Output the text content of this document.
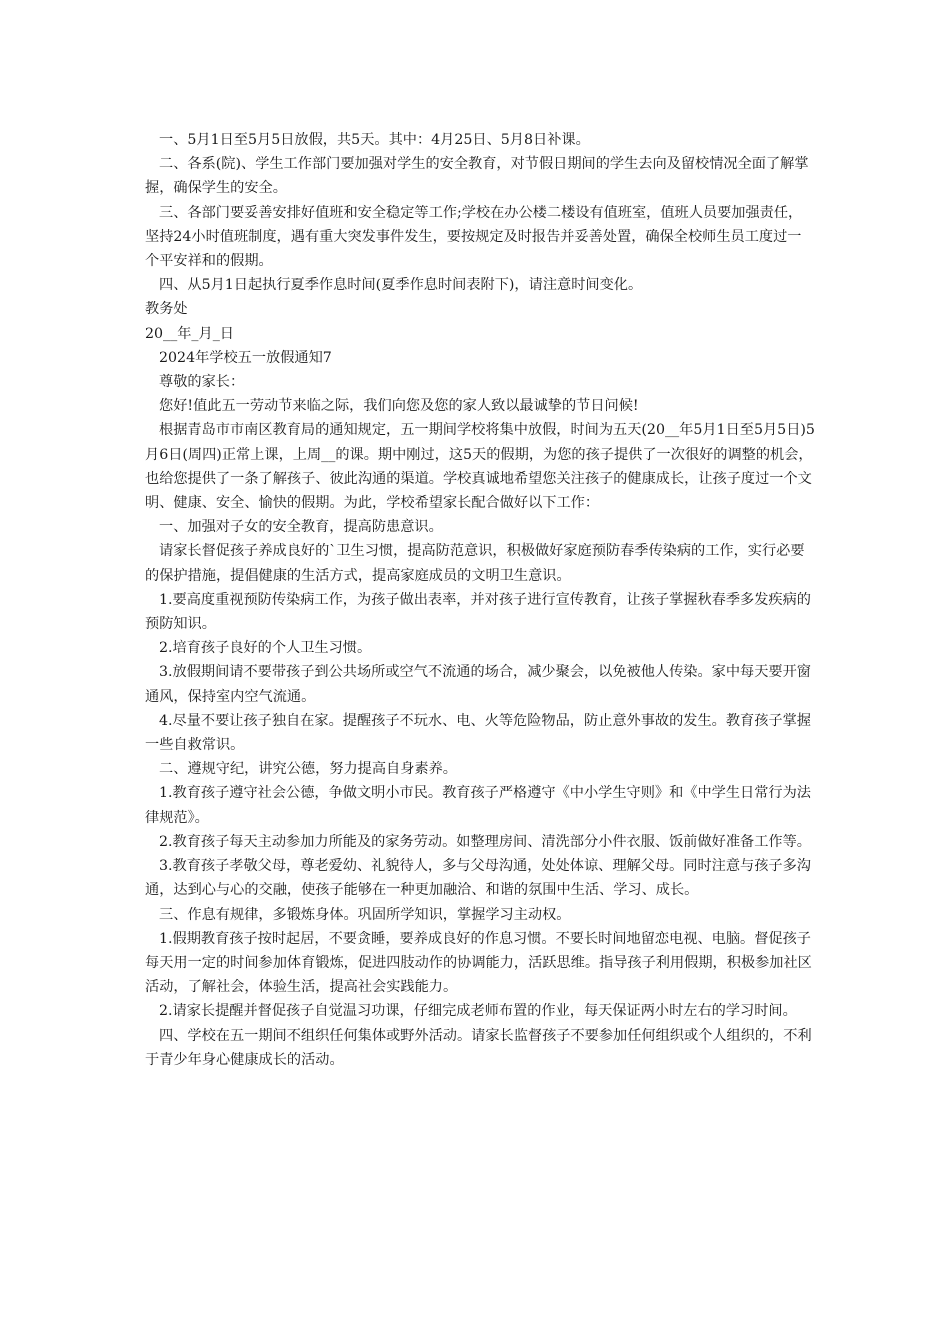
一、5月1日至5月5日放假，共5天。其中：4月25日、5月8日补课。

二、各系(院)、学生工作部门要加强对学生的安全教育，对节假日期间的学生去向及留校情况全面了解掌握，确保学生的安全。

三、各部门要妥善安排好值班和安全稳定等工作;学校在办公楼二楼设有值班室，值班人员要加强责任，坚持24小时值班制度，遇有重大突发事件发生，要按规定及时报告并妥善处置，确保全校师生员工度过一个平安祥和的假期。

四、从5月1日起执行夏季作息时间(夏季作息时间表附下)，请注意时间变化。

教务处

20__年_月_日

2024年学校五一放假通知7

尊敬的家长：

您好!值此五一劳动节来临之际，我们向您及您的家人致以最诚挚的节日问候!

根据青岛市市南区教育局的通知规定，五一期间学校将集中放假，时间为五天(20__年5月1日至5月5日)5月6日(周四)正常上课，上周__的课。期中刚过，这5天的假期，为您的孩子提供了一次很好的调整的机会，也给您提供了一条了解孩子、彼此沟通的渠道。学校真诚地希望您关注孩子的健康成长，让孩子度过一个文明、健康、安全、愉快的假期。为此，学校希望家长配合做好以下工作：

一、加强对子女的安全教育，提高防患意识。

请家长督促孩子养成良好的`卫生习惯，提高防范意识，积极做好家庭预防春季传染病的工作，实行必要的保护措施，提倡健康的生活方式，提高家庭成员的文明卫生意识。

1.要高度重视预防传染病工作，为孩子做出表率，并对孩子进行宣传教育，让孩子掌握秋春季多发疾病的预防知识。

2.培育孩子良好的个人卫生习惯。

3.放假期间请不要带孩子到公共场所或空气不流通的场合，减少聚会，以免被他人传染。家中每天要开窗通风，保持室内空气流通。

4.尽量不要让孩子独自在家。提醒孩子不玩水、电、火等危险物品，防止意外事故的发生。教育孩子掌握一些自救常识。

二、遵规守纪，讲究公德，努力提高自身素养。

1.教育孩子遵守社会公德，争做文明小市民。教育孩子严格遵守《中小学生守则》和《中学生日常行为法律规范》。

2.教育孩子每天主动参加力所能及的家务劳动。如整理房间、清洗部分小件衣服、饭前做好准备工作等。

3.教育孩子孝敬父母，尊老爱幼、礼貌待人，多与父母沟通，处处体谅、理解父母。同时注意与孩子多沟通，达到心与心的交融，使孩子能够在一种更加融洽、和谐的氛围中生活、学习、成长。

三、作息有规律，多锻炼身体。巩固所学知识，掌握学习主动权。

1.假期教育孩子按时起居，不要贪睡，要养成良好的作息习惯。不要长时间地留恋电视、电脑。督促孩子每天用一定的时间参加体育锻炼，促进四肢动作的协调能力，活跃思维。指导孩子利用假期，积极参加社区活动，了解社会，体验生活，提高社会实践能力。

2.请家长提醒并督促孩子自觉温习功课，仔细完成老师布置的作业，每天保证两小时左右的学习时间。

四、学校在五一期间不组织任何集体或野外活动。请家长监督孩子不要参加任何组织或个人组织的，不利于青少年身心健康成长的活动。
